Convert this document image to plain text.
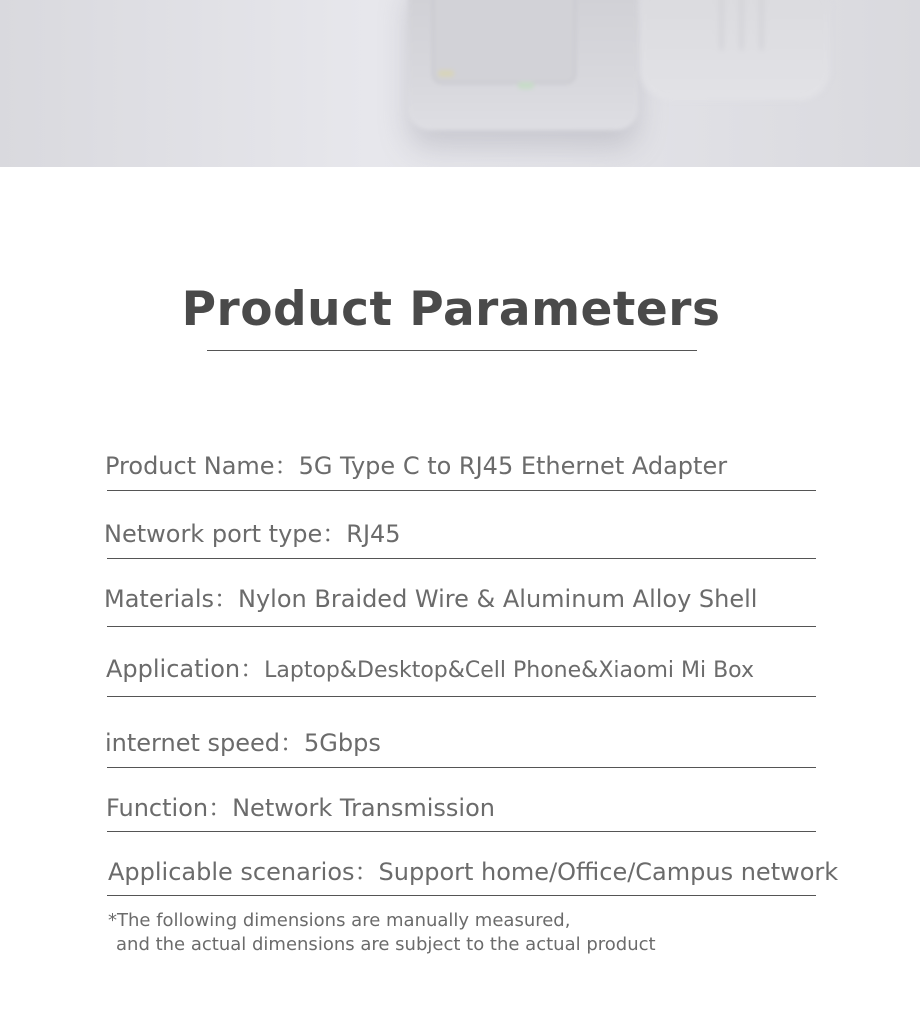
Product Parameters
Product Name：5G Type C to RJ45 Ethernet Adapter
Network port type：RJ45
Materials：Nylon Braided Wire & Aluminum Alloy Shell
Application：Laptop&Desktop&Cell Phone&Xiaomi Mi Box
internet speed：5Gbps
Function：Network Transmission
Applicable scenarios：Support home/Office/Campus network
*The following dimensions are manually measured,
and the actual dimensions are subject to the actual product
